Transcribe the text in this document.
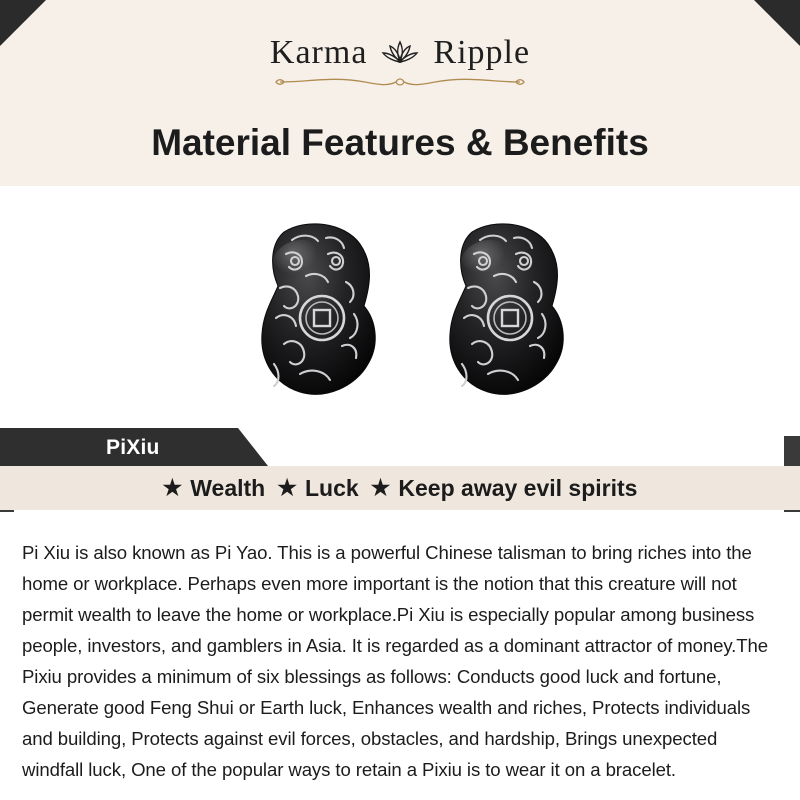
Karma Ripple
Material Features & Benefits
PiXiu
★ Wealth ★ Luck ★ Keep away evil spirits

Pi Xiu is also known as Pi Yao. This is a powerful Chinese talisman to bring riches into the home or workplace. Perhaps even more important is the notion that this creature will not permit wealth to leave the home or workplace.Pi Xiu is especially popular among business people, investors, and gamblers in Asia. It is regarded as a dominant attractor of money.The Pixiu provides a minimum of six blessings as follows: Conducts good luck and fortune, Generate good Feng Shui or Earth luck, Enhances wealth and riches, Protects individuals and building, Protects against evil forces, obstacles, and hardship, Brings unexpected windfall luck, One of the popular ways to retain a Pixiu is to wear it on a bracelet.
